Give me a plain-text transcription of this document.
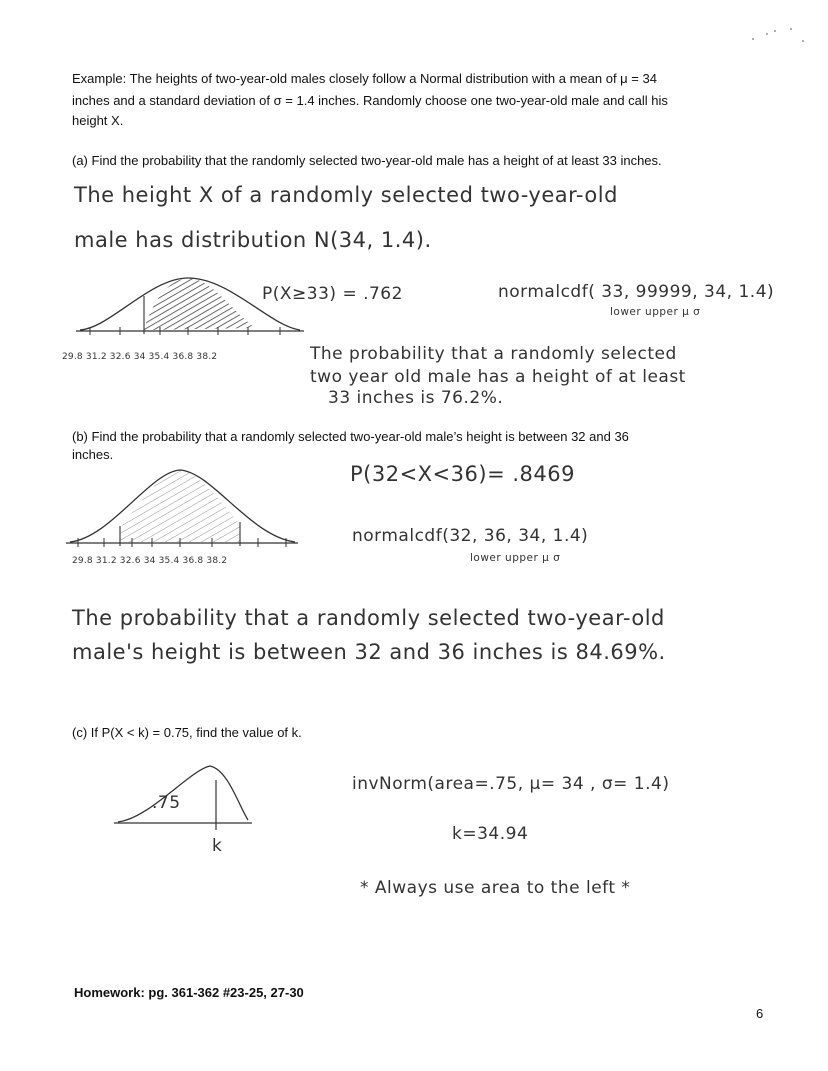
Example: The heights of two-year-old males closely follow a Normal distribution with a mean of μ = 34
inches and a standard deviation of σ = 1.4 inches. Randomly choose one two-year-old male and call his
height X.
(a) Find the probability that the randomly selected two-year-old male has a height of at least 33 inches.
The height X of a randomly selected two-year-old
male has distribution N(34, 1.4).
29.8 31.2 32.6 34 35.4 36.8 38.2
P(X≥33) = .762	normalcdf( 33, 99999, 34, 1.4)
lower upper μ σ
The probability that a randomly selected
two year old male has a height of at least
33 inches is 76.2%.
(b) Find the probability that a randomly selected two-year-old male’s height is between 32 and 36
inches.
29.8 31.2 32.6 34 35.4 36.8 38.2
P(32<X<36)= .8469
normalcdf(32, 36, 34, 1.4)
lower upper μ σ
The probability that a randomly selected two-year-old
male's height is between 32 and 36 inches is 84.69%.
(c) If P(X < k) = 0.75, find the value of k.
.75
k
invNorm(area=.75, μ= 34 , σ= 1.4)
k=34.94
* Always use area to the left *
Homework: pg. 361-362 #23-25, 27-30
6
